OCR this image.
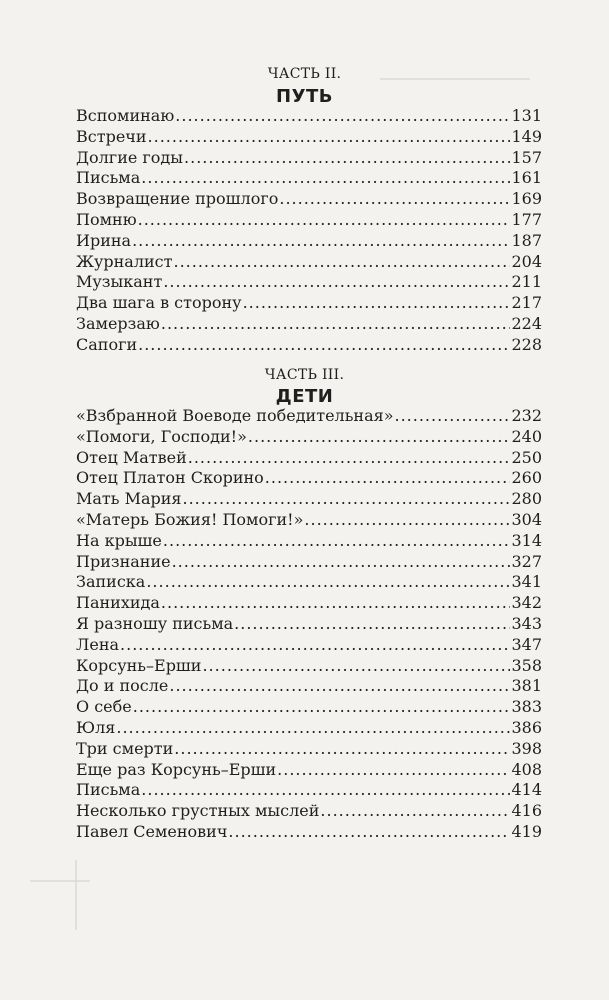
ЧАСТЬ II.
ПУТЬ
Вспоминаю .....	131
Встречи .....	149
Долгие годы .....	157
Письма .....	161
Возвращение прошлого .....	169
Помню .....	177
Ирина .....	187
Журналист .....	204
Музыкант .....	211
Два шага в сторону .....	217
Замерзаю .....	224
Сапоги .....	228
ЧАСТЬ III.
ДЕТИ
«Взбранной Воеводе победительная» .....	232
«Помоги, Господи!» .....	240
Отец Матвей .....	250
Отец Платон Скорино .....	260
Мать Мария .....	280
«Матерь Божия! Помоги!» .....	304
На крыше .....	314
Признание .....	327
Записка .....	341
Панихида .....	342
Я разношу письма .....	343
Лена .....	347
Корсунь–Ерши .....	358
До и после .....	381
О себе .....	383
Юля .....	386
Три смерти .....	398
Еще раз Корсунь–Ерши .....	408
Письма .....	414
Несколько грустных мыслей .....	416
Павел Семенович .....	419
